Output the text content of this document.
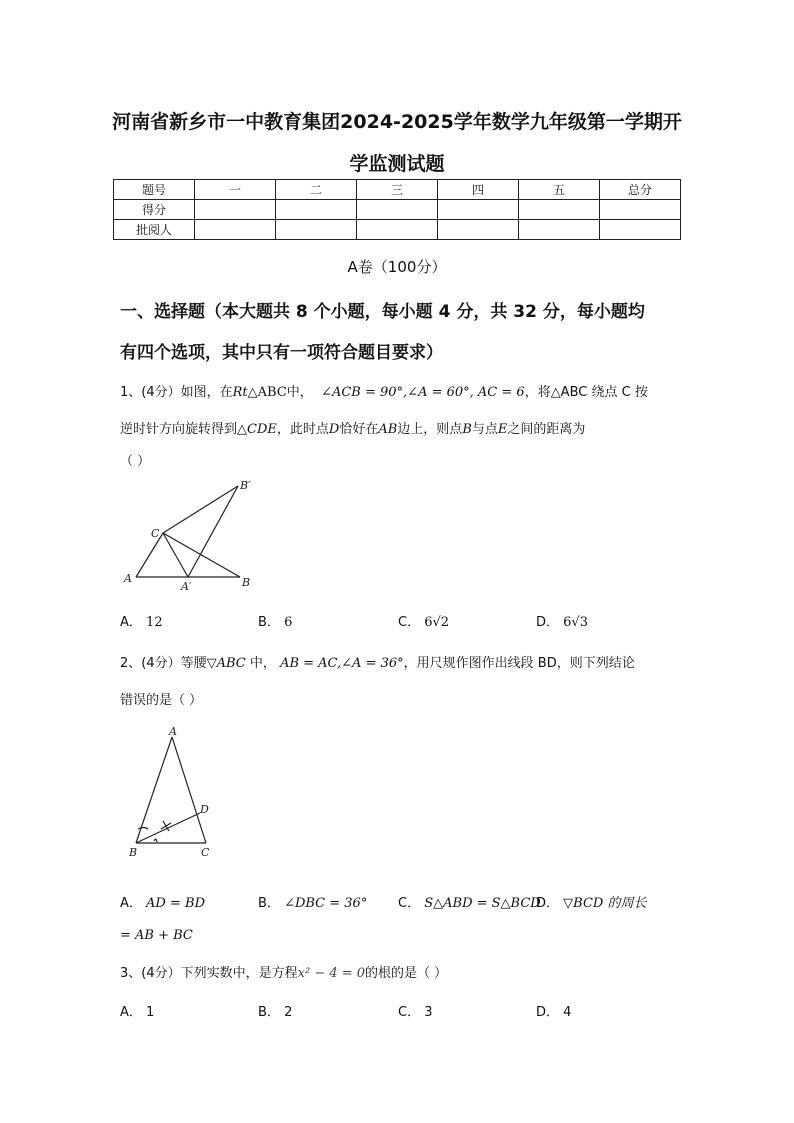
河南省新乡市一中教育集团2024-2025学年数学九年级第一学期开
学监测试题
题号	一	二	三	四	五	总分
得分						
批阅人						
A卷（100分）
一、选择题（本大题共 8 个小题，每小题 4 分，共 32 分，每小题均
有四个选项，其中只有一项符合题目要求）
1、(4分）如图，在Rt△ABC中， ∠ACB = 90°,∠A = 60°, AC = 6，将△ABC 绕点 C 按
逆时针方向旋转得到△CDE，此时点D恰好在AB边上，则点B与点E之间的距离为
（ ）
B′
C
A
A′	B
A． 12	B． 6	C． 6√2	D． 6√3
2、(4分）等腰▽ABC 中， AB = AC,∠A = 36°，用尺规作图作出线段 BD，则下列结论
错误的是（ ）
A
D
B	C
A． AD = BD	B． ∠DBC = 36° C． S△ABD = S△BCD
D． ▽BCD 的周长
= AB + BC
3、(4分）下列实数中，是方程x² − 4 = 0的根的是（ ）
A． 1	B． 2	C． 3	D． 4
